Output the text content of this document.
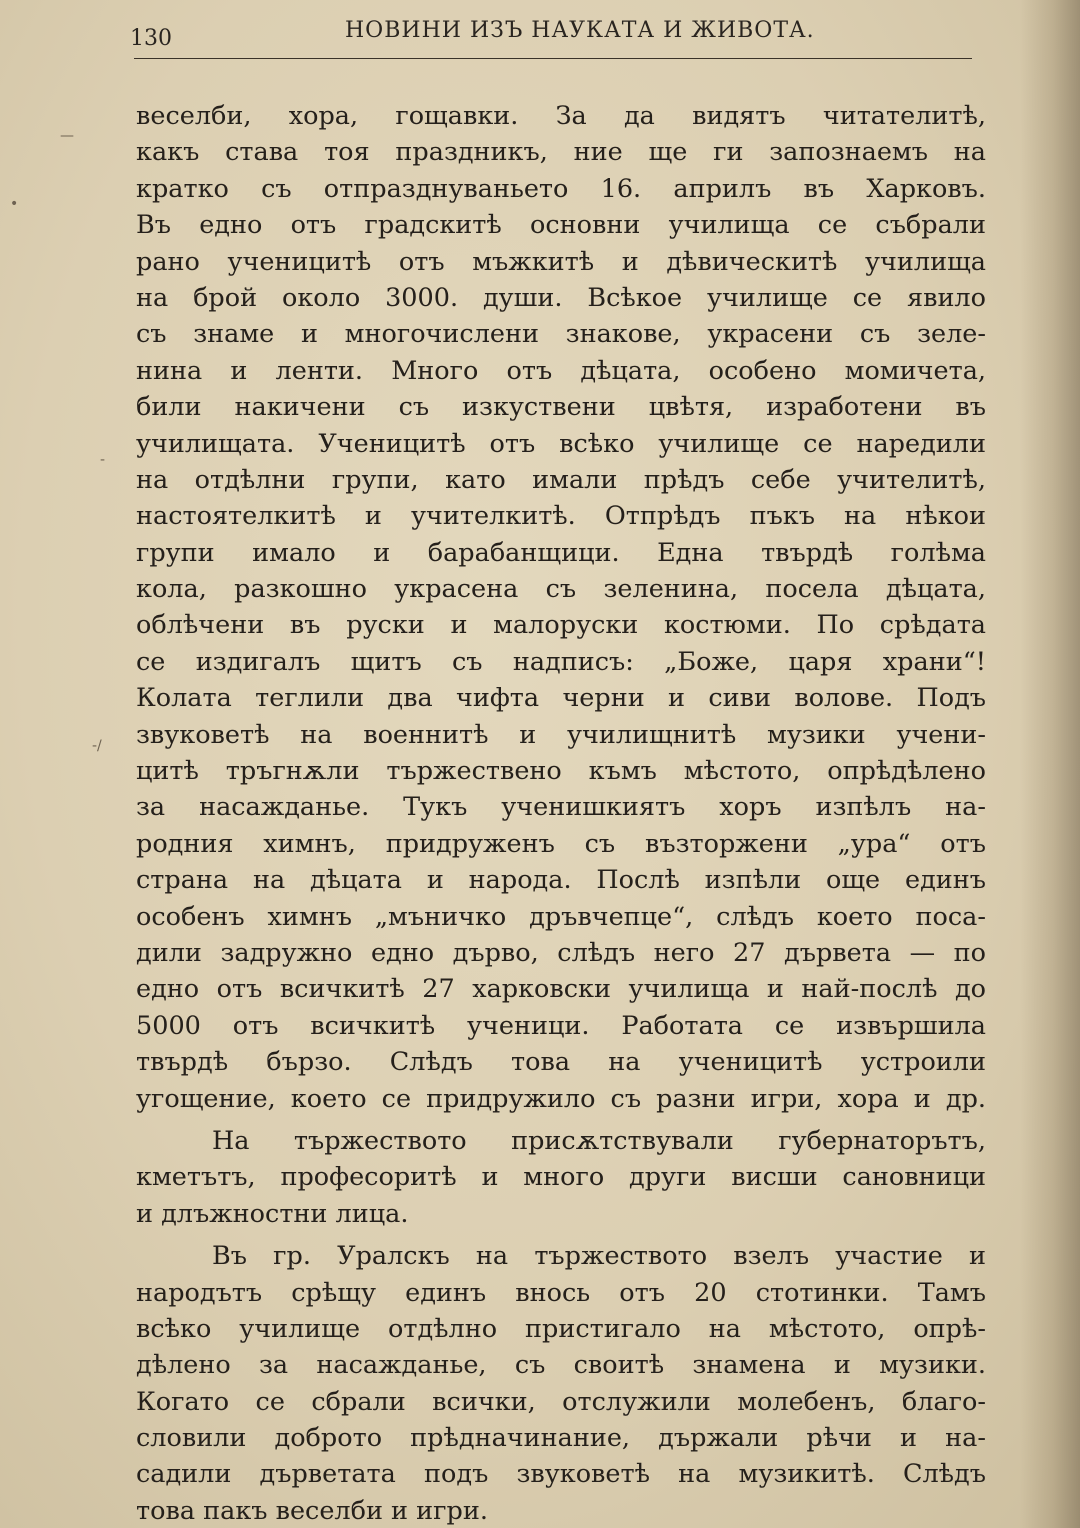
—
•
-
-/
130	НОВИНИ ИЗЪ НАУКАТА И ЖИВОТА.
веселби, хора, гощавки. За да видятъ читателитѣ,
какъ става тоя праздникъ, ние ще ги запознаемъ на
кратко съ отпразднуваньето 16. априлъ въ Харковъ.
Въ едно отъ градскитѣ основни училища се събрали
рано ученицитѣ отъ мъжкитѣ и дѣвическитѣ училища
на брой около 3000. души. Всѣкое училище се явило
съ знаме и многочислени знакове, украсени съ зеле-
нина и ленти. Много отъ дѣцата, особено момичета,
били накичени съ изкуствени цвѣтя, изработени въ
училищата. Ученицитѣ отъ всѣко училище се наредили
на отдѣлни групи, като имали прѣдъ себе учителитѣ,
настоятелкитѣ и учителкитѣ. Отпрѣдъ пъкъ на нѣкои
групи имало и барабанщици. Една твърдѣ голѣма
кола, разкошно украсена съ зеленина, посела дѣцата,
облѣчени въ руски и малоруски костюми. По срѣдата
се издигалъ щитъ съ надписъ: „Боже, царя храни“!
Колата теглили два чифта черни и сиви волове. Подъ
звуковетѣ на военнитѣ и училищнитѣ музики учени-
цитѣ тръгнѫли тържествено къмъ мѣстото, опрѣдѣлено
за насажданье. Тукъ ученишкиятъ хоръ изпѣлъ на-
родния химнъ, придруженъ съ възторжени „ура“ отъ
страна на дѣцата и народа. Послѣ изпѣли още единъ
особенъ химнъ „мъничко дръвчепце“, слѣдъ което поса-
дили задружно едно дърво, слѣдъ него 27 дървета — по
едно отъ всичкитѣ 27 харковски училища и най-послѣ до
5000 отъ всичкитѣ ученици. Работата се извършила
твърдѣ бързо. Слѣдъ това на ученицитѣ устроили
угощение, което се придружило съ разни игри, хора и др.
На тържеството присѫтствували губернаторътъ,
кметътъ, професоритѣ и много други висши сановници
и длъжностни лица.
Въ гр. Уралскъ на тържеството взелъ участие и
народътъ срѣщу единъ внось отъ 20 стотинки. Тамъ
всѣко училище отдѣлно пристигало на мѣстото, опрѣ-
дѣлено за насажданье, съ своитѣ знамена и музики.
Когато се сбрали всички, отслужили молебенъ, благо-
словили доброто прѣдначинание, държали рѣчи и на-
садили дърветата подъ звуковетѣ на музикитѣ. Слѣдъ
това пакъ веселби и игри.
